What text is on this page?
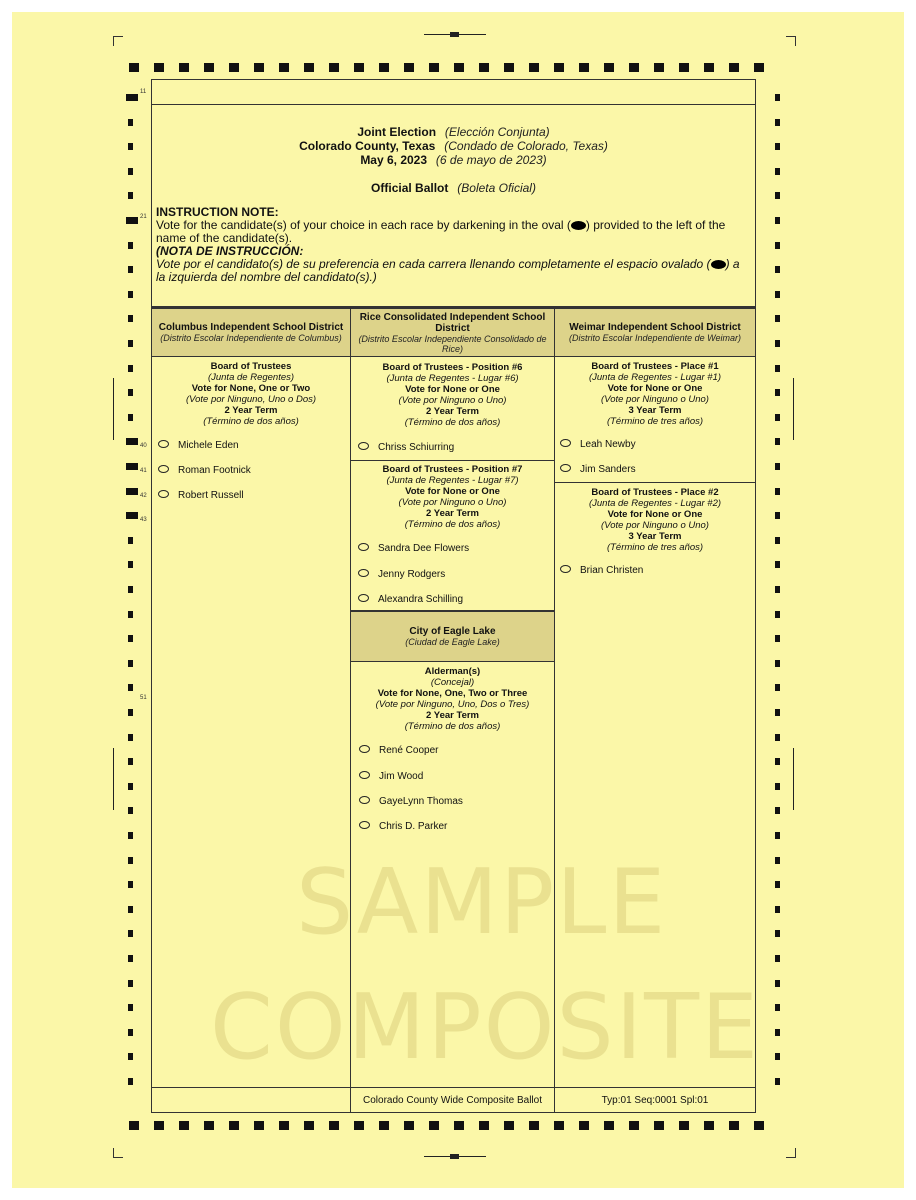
SAMPLE
COMPOSITE
Joint Election (Elección Conjunta)
Colorado County, Texas (Condado de Colorado, Texas)
May 6, 2023 (6 de mayo de 2023)
Official Ballot (Boleta Oficial)
INSTRUCTION NOTE:
Vote for the candidate(s) of your choice in each race by darkening in the oval ( ) provided to the left of the name of the candidate(s).
(NOTA DE INSTRUCCIÓN:
Vote por el candidato(s) de su preferencia en cada carrera llenando completamente el espacio ovalado ( ) a la izquierda del nombre del candidato(s).)
Columbus Independent School District
(Distrito Escolar Independiente de Columbus)
Rice Consolidated Independent School District
(Distrito Escolar Independiente Consolidado de Rice)
Weimar Independent School District
(Distrito Escolar Independiente de Weimar)
Board of Trustees
(Junta de Regentes)
Vote for None, One or Two
(Vote por Ninguno, Uno o Dos)
2 Year Term
(Término de dos años)
Michele Eden
Roman Footnick
Robert Russell
Board of Trustees - Position #6
(Junta de Regentes - Lugar #6)
Vote for None or One
(Vote por Ninguno o Uno)
2 Year Term
(Término de dos años)
Chriss Schiurring
Board of Trustees - Position #7
(Junta de Regentes - Lugar #7)
Vote for None or One
(Vote por Ninguno o Uno)
2 Year Term
(Término de dos años)
Sandra Dee Flowers
Jenny Rodgers
Alexandra Schilling
City of Eagle Lake
(Ciudad de Eagle Lake)
Alderman(s)
(Concejal)
Vote for None, One, Two or Three
(Vote por Ninguno, Uno, Dos o Tres)
2 Year Term
(Término de dos años)
René Cooper
Jim Wood
GayeLynn Thomas
Chris D. Parker
Board of Trustees - Place #1
(Junta de Regentes - Lugar #1)
Vote for None or One
(Vote por Ninguno o Uno)
3 Year Term
(Término de tres años)
Leah Newby
Jim Sanders
Board of Trustees - Place #2
(Junta de Regentes - Lugar #2)
Vote for None or One
(Vote por Ninguno o Uno)
3 Year Term
(Término de tres años)
Brian Christen
11
21
40
41
42
43
51
Colorado County Wide Composite Ballot	Typ:01 Seq:0001 Spl:01
